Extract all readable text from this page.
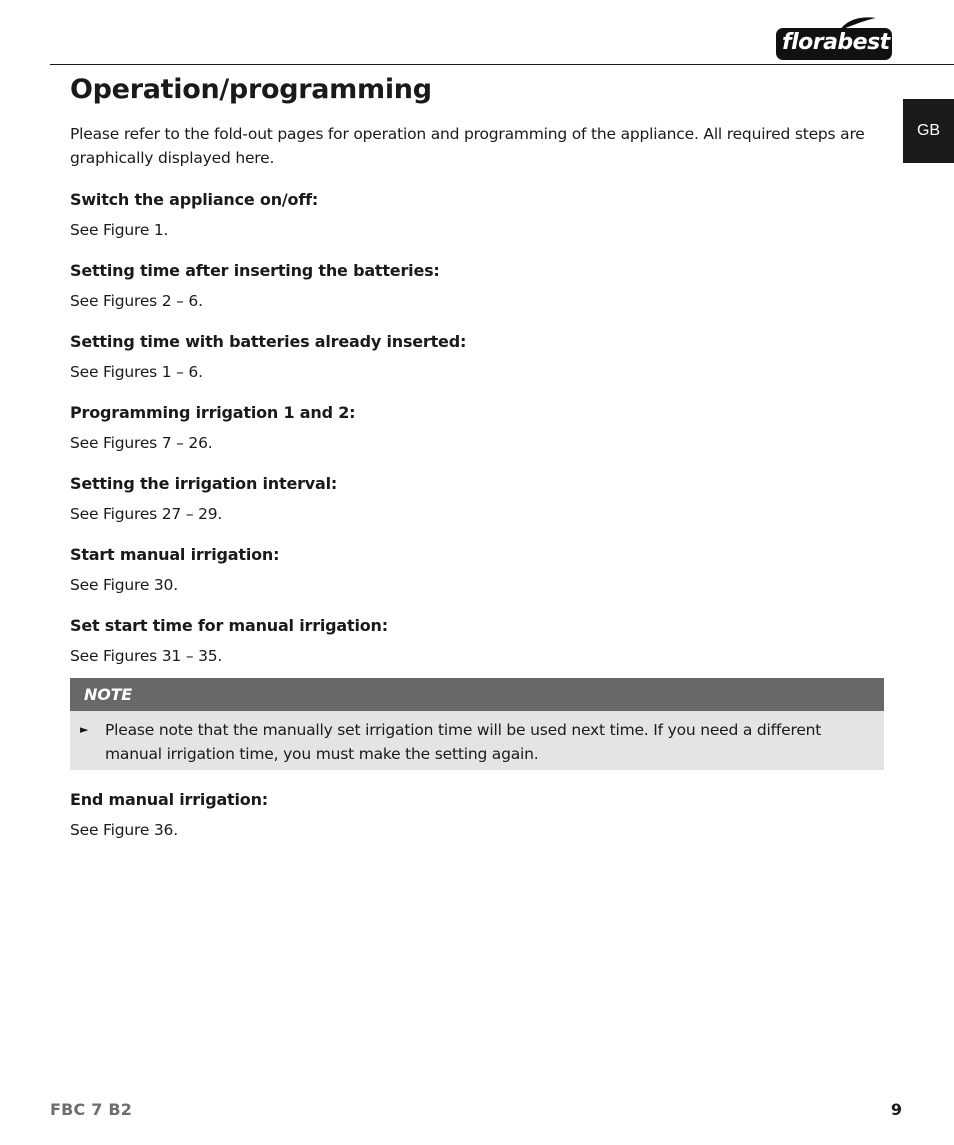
florabest
GB
Operation/programming

Please refer to the fold-out pages for operation and programming of the appliance. All required steps are graphically displayed here.

Switch the appliance on/off:

See Figure 1.

Setting time after inserting the batteries:

See Figures 2 – 6.

Setting time with batteries already inserted:

See Figures 1 – 6.

Programming irrigation 1 and 2:

See Figures 7 – 26.

Setting the irrigation interval:

See Figures 27 – 29.

Start manual irrigation:

See Figure 30.

Set start time for manual irrigation:

See Figures 31 – 35.

NOTE
►	Please note that the manually set irrigation time will be used next time. If you need a different manual irrigation time, you must make the setting again.
End manual irrigation:

See Figure 36.

FBC 7 B2	9
